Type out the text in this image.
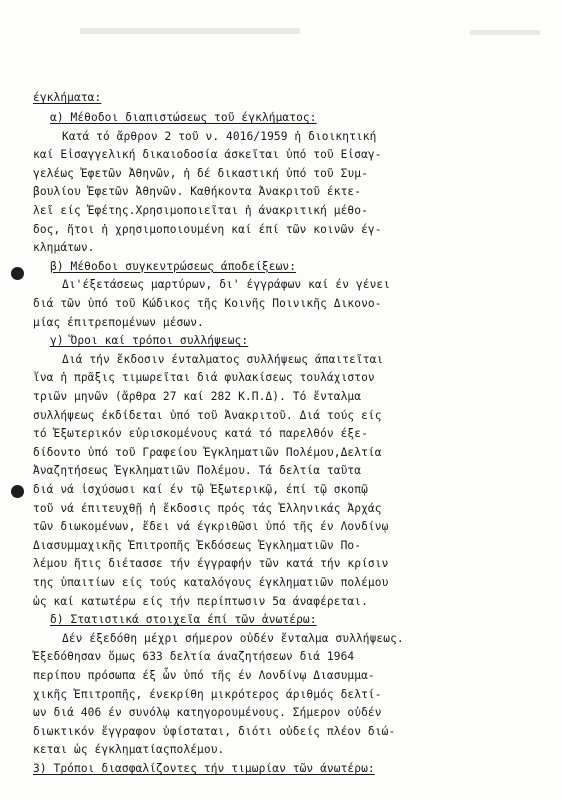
έγκλήματα:
α) Μέθοδοι διαπιστώσεως τοῦ έγκλήματος:
Κατά τό ἄρθρον 2 τοῦ ν. 4016/1959 ἡ διοικητική
καί Εἰσαγγελική δικαιοδοσία άσκεῖται ὑπό τοῦ Εἰσαγ-
γελέως Ἐφετῶν Ἀθηνῶν, ἡ δέ δικαστική ὑπό τοῦ Συμ-
βουλίου Ἐφετῶν Ἀθηνῶν. Καθήκοντα Ἀνακριτοῦ έκτε-
λεῖ είς Ἐφέτης.Χρησιμοποιεῖται ἡ άνακριτική μέθο-
δος, ἤτοι ἡ χρησιμοποιουμένη καί έπί τῶν κοινῶν έγ-
κλημάτων.
β) Μέθοδοι συγκεντρώσεως άποδείξεων:
Δι'έξετάσεως μαρτύρων, δι' έγγράφων καί έν γένει
διά τῶν ὑπό τοῦ Κώδικος τῆς Κοινῆς Ποινικῆς Δικονο-
μίας έπιτρεπομένων μέσων.
γ) Ὅροι καί τρόποι συλλήψεως:
Διά τήν ἔκδοσιν ένταλματος συλλήψεως άπαιτεῖται
ἵνα ἡ πρᾶξις τιμωρεῖται διά φυλακίσεως τουλάχιστον
τριῶν μηνῶν (ἄρθρα 27 καί 282 Κ.Π.Δ). Τό ἔνταλμα
συλλήψεως έκδίδεται ὑπό τοῦ Ἀνακριτοῦ. Διά τούς είς
τό Ἐξωτερικόν εὑρισκομένους κατά τό παρελθόν έξε-
δίδοντο ὑπό τοῦ Γραφείου Ἐγκληματιῶν Πολέμου,Δελτία
Ἀναζητήσεως Ἐγκληματιῶν Πολέμου. Τά δελτία ταῦτα
διά νά ἰσχύσωσι καί έν τῷ Ἐξωτερικῷ, έπί τῷ σκοπῷ
τοῦ νά έπιτευχθῇ ἡ ἔκδοσις πρός τάς Ἑλληνικάς Ἀρχάς
τῶν διωκομένων, ἔδει νά έγκριθῶσι ὑπό τῆς έν Λονδίνῳ
Διασυμμαχικῆς Ἐπιτροπῆς Ἐκδόσεως Ἐγκληματιῶν Πο-
λέμου ἥτις διέτασσε τήν έγγραφήν τῶν κατά τήν κρίσιν
της ὑπαιτίων είς τούς καταλόγους έγκληματιῶν πολέμου
ὡς καί κατωτέρω είς τήν περίπτωσιν 5α άναφέρεται.
δ) Στατιστικά στοιχεῖα έπί τῶν ἀνωτέρω:
Δέν έξεδόθη μέχρι σήμερον οὐδέν ἔνταλμα συλλήψεως.
Ἐξεδόθησαν ὅμως 633 δελτία άναζητήσεων διά 1964
περίπου πρόσωπα έξ ὧν ὑπό τῆς έν Λονδίνῳ Διασυμμα-
χικῆς Ἐπιτροπῆς, ένεκρίθη μικρότερος άριθμός δελτί-
ων διά 406 έν συνόλῳ κατηγορουμένους. Σήμερον οὐδέν
διωκτικόν ἔγγραφον ὑφίσταται, διότι οὐδείς πλέον διώ-
κεται ὡς έγκληματίαςπολέμου.
3) Τρόποι διασφαλίζοντες τήν τιμωρίαν τῶν άνωτέρω:
